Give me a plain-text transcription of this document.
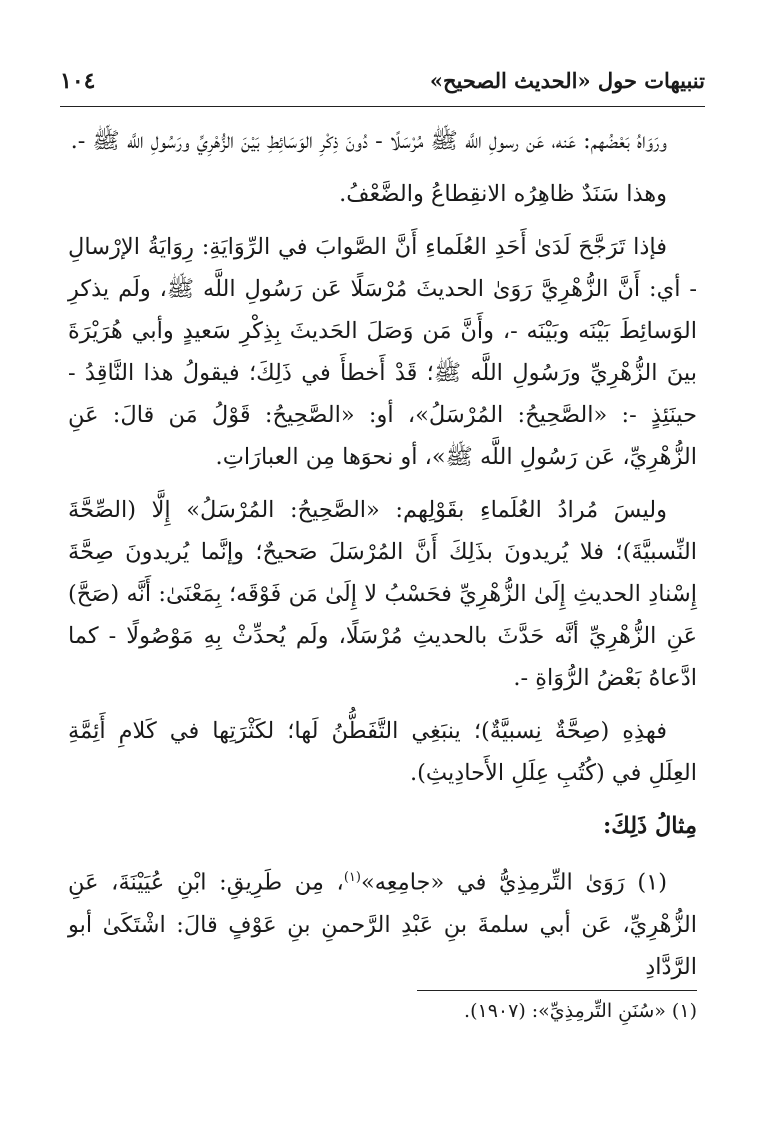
١٠٤	تنبيهات حول «الحديث الصحيح»

ورَوَاهُ بَعْضُهم: عَنه، عَن رسولِ اللَّه ﷺ مُرْسَلًا - دُونَ ذِكْرِ الوَسَائِطِ بَيْنَ الزُّهْرِيِّ ورَسُولِ اللَّه ﷺ -.

وهذا سَنَدٌ ظاهِرُه الانقِطاعُ والضَّعْفُ.

فإذا تَرَجَّحَ لَدَىٰ أَحَدِ العُلَماءِ أَنَّ الصَّوابَ في الرِّوَايَةِ: رِوَايَةُ الإرْسالِ - أي: أَنَّ الزُّهْرِيَّ رَوَىٰ الحديثَ مُرْسَلًا عَن رَسُولِ اللَّه ﷺ، ولَم يذكرِ الوَسائِطَ بَيْنَه وبَيْنَه -، وأَنَّ مَن وَصَلَ الحَديثَ بِذِكْرِ سَعيدٍ وأبي هُرَيْرَةَ بينَ الزُّهْرِيِّ ورَسُولِ اللَّه ﷺ؛ قَدْ أَخطأَ في ذَلِكَ؛ فيقولُ هذا النَّاقِدُ - حينَئِذٍ -: «الصَّحِيحُ: المُرْسَلُ»، أو: «الصَّحِيحُ: قَوْلُ مَن قالَ: عَنِ الزُّهْرِيِّ، عَن رَسُولِ اللَّه ﷺ»، أو نحوَها مِن العبارَاتِ.

وليسَ مُرادُ العُلَماءِ بقَوْلِهم: «الصَّحِيحُ: المُرْسَلُ» إِلَّا (الصِّحَّةَ النِّسبيَّةَ)؛ فلا يُريدونَ بذَلِكَ أَنَّ المُرْسَلَ صَحيحٌ؛ وإنَّما يُريدونَ صِحَّةَ إِسْنادِ الحديثِ إِلَىٰ الزُّهْرِيِّ فحَسْبُ لا إِلَىٰ مَن فَوْقَه؛ بِمَعْنَىٰ: أَنَّه (صَحَّ) عَنِ الزُّهْرِيِّ أنَّه حَدَّثَ بالحديثِ مُرْسَلًا، ولَم يُحدِّثْ بِهِ مَوْصُولًا - كما ادَّعاهُ بَعْضُ الرُّوَاةِ -.

فهذِهِ (صِحَّةٌ نِسبيَّةٌ)؛ ينبَغِي التَّفَطُّنُ لَها؛ لكَثْرَتِها في كَلامِ أَئِمَّةِ العِلَلِ في (كُتُبِ عِلَلِ الأَحادِيثِ).

مِثالُ ذَلِكَ:

(١) رَوَىٰ التِّرمِذِيُّ في «جامِعِه»$^{(١)}$، مِن طَرِيقِ: ابْنِ عُيَيْنَةَ، عَنِ الزُّهْرِيِّ، عَن أبي سلمةَ بنِ عَبْدِ الرَّحمنِ بنِ عَوْفٍ قالَ: اشْتَكَىٰ أبو الرَّدَّادِ

(١) «سُنَنِ التِّرمِذِيِّ»: (١٩٠٧).
